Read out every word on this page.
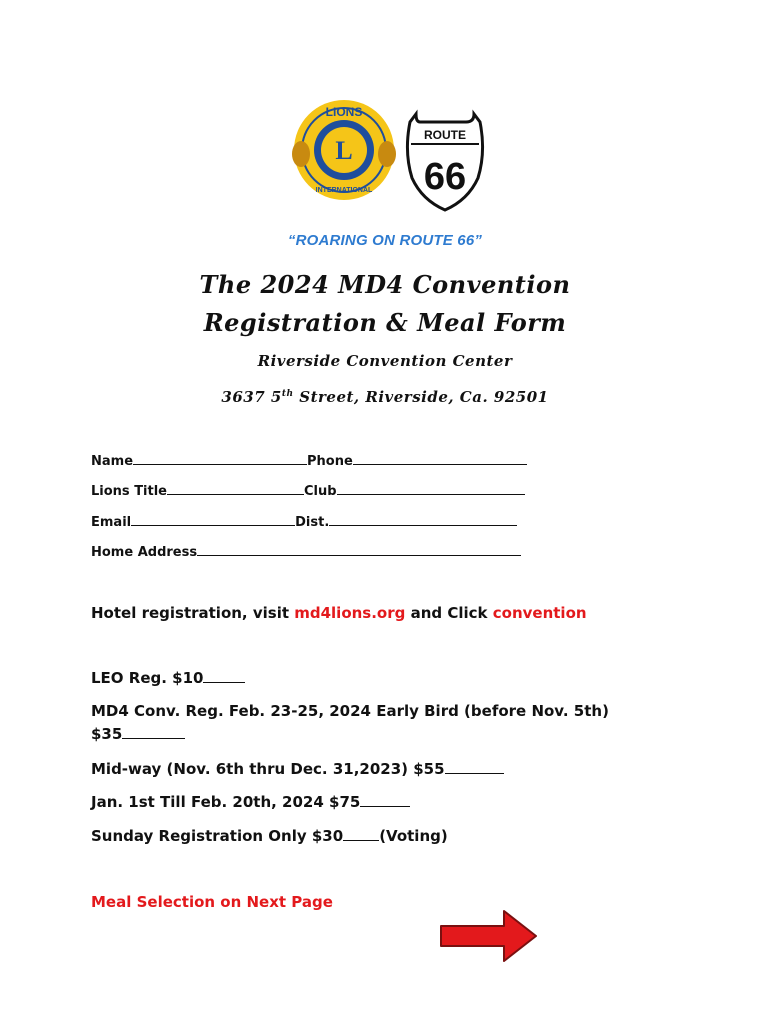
L
LIONS
INTERNATIONAL
ROUTE
66
“ROARING ON ROUTE 66”
The 2024 MD4 Convention
Registration & Meal Form
Riverside Convention Center
3637 5th Street, Riverside, Ca. 92501
Name	Phone
Lions Title	Club
Email	Dist.
Home Address
Hotel registration, visit md4lions.org and Click convention
LEO Reg. $10
MD4 Conv. Reg. Feb. 23-25, 2024 Early Bird (before Nov. 5th)
$35
Mid-way (Nov. 6th thru Dec. 31,2023) $55
Jan. 1st Till Feb. 20th, 2024 $75
Sunday Registration Only $30 (Voting)
Meal Selection on Next Page
